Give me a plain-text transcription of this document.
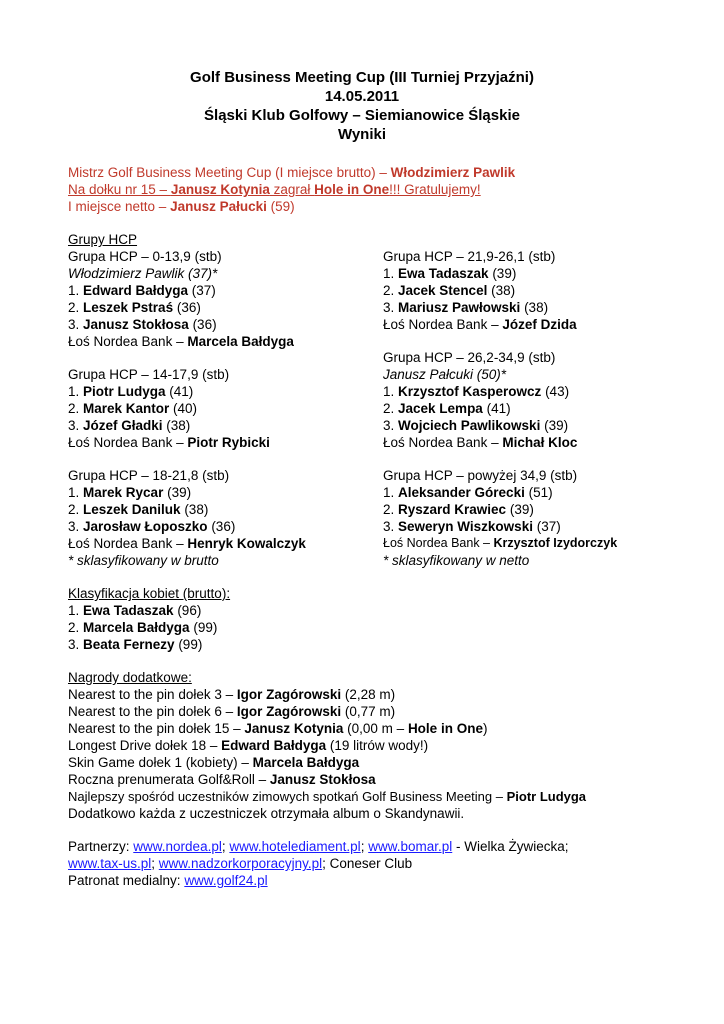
Golf Business Meeting Cup (III Turniej Przyjaźni)
14.05.2011
Śląski Klub Golfowy – Siemianowice Śląskie
Wyniki
Mistrz Golf Business Meeting Cup (I miejsce brutto) – Włodzimierz Pawlik
Na dołku nr 15 – Janusz Kotynia zagrał Hole in One!!! Gratulujemy!
I miejsce netto – Janusz Pałucki (59)
Grupy HCP
Grupa HCP – 0-13,9 (stb)
Włodzimierz Pawlik (37)*
1. Edward Bałdyga (37)
2. Leszek Pstraś (36)
3. Janusz Stokłosa (36)
Łoś Nordea Bank – Marcela Bałdyga
Grupa HCP – 14-17,9 (stb)
1. Piotr Ludyga (41)
2. Marek Kantor (40)
3. Józef Gładki (38)
Łoś Nordea Bank – Piotr Rybicki
Grupa HCP – 18-21,8 (stb)
1. Marek Rycar (39)
2. Leszek Daniluk (38)
3. Jarosław Łoposzko (36)
Łoś Nordea Bank – Henryk Kowalczyk
* sklasyfikowany w brutto
Grupa HCP – 21,9-26,1 (stb)
1. Ewa Tadaszak (39)
2. Jacek Stencel (38)
3. Mariusz Pawłowski (38)
Łoś Nordea Bank – Józef Dzida
Grupa HCP – 26,2-34,9 (stb)
Janusz Pałcuki (50)*
1. Krzysztof Kasperowcz (43)
2. Jacek Lempa (41)
3. Wojciech Pawlikowski (39)
Łoś Nordea Bank – Michał Kloc
Grupa HCP – powyżej 34,9 (stb)
1. Aleksander Górecki (51)
2. Ryszard Krawiec (39)
3. Seweryn Wiszkowski (37)
Łoś Nordea Bank – Krzysztof Izydorczyk
* sklasyfikowany w netto
Klasyfikacja kobiet (brutto):
1. Ewa Tadaszak (96)
2. Marcela Bałdyga (99)
3. Beata Fernezy (99)
Nagrody dodatkowe:
Nearest to the pin dołek 3 – Igor Zagórowski (2,28 m)
Nearest to the pin dołek 6 – Igor Zagórowski (0,77 m)
Nearest to the pin dołek 15 – Janusz Kotynia (0,00 m – Hole in One)
Longest Drive dołek 18 – Edward Bałdyga (19 litrów wody!)
Skin Game dołek 1 (kobiety) – Marcela Bałdyga
Roczna prenumerata Golf&Roll – Janusz Stokłosa
Najlepszy spośród uczestników zimowych spotkań Golf Business Meeting – Piotr Ludyga
Dodatkowo każda z uczestniczek otrzymała album o Skandynawii.
Partnerzy: www.nordea.pl; www.hotelediament.pl; www.bomar.pl - Wielka Żywiecka;
www.tax-us.pl; www.nadzorkorporacyjny.pl; Coneser Club
Patronat medialny: www.golf24.pl
